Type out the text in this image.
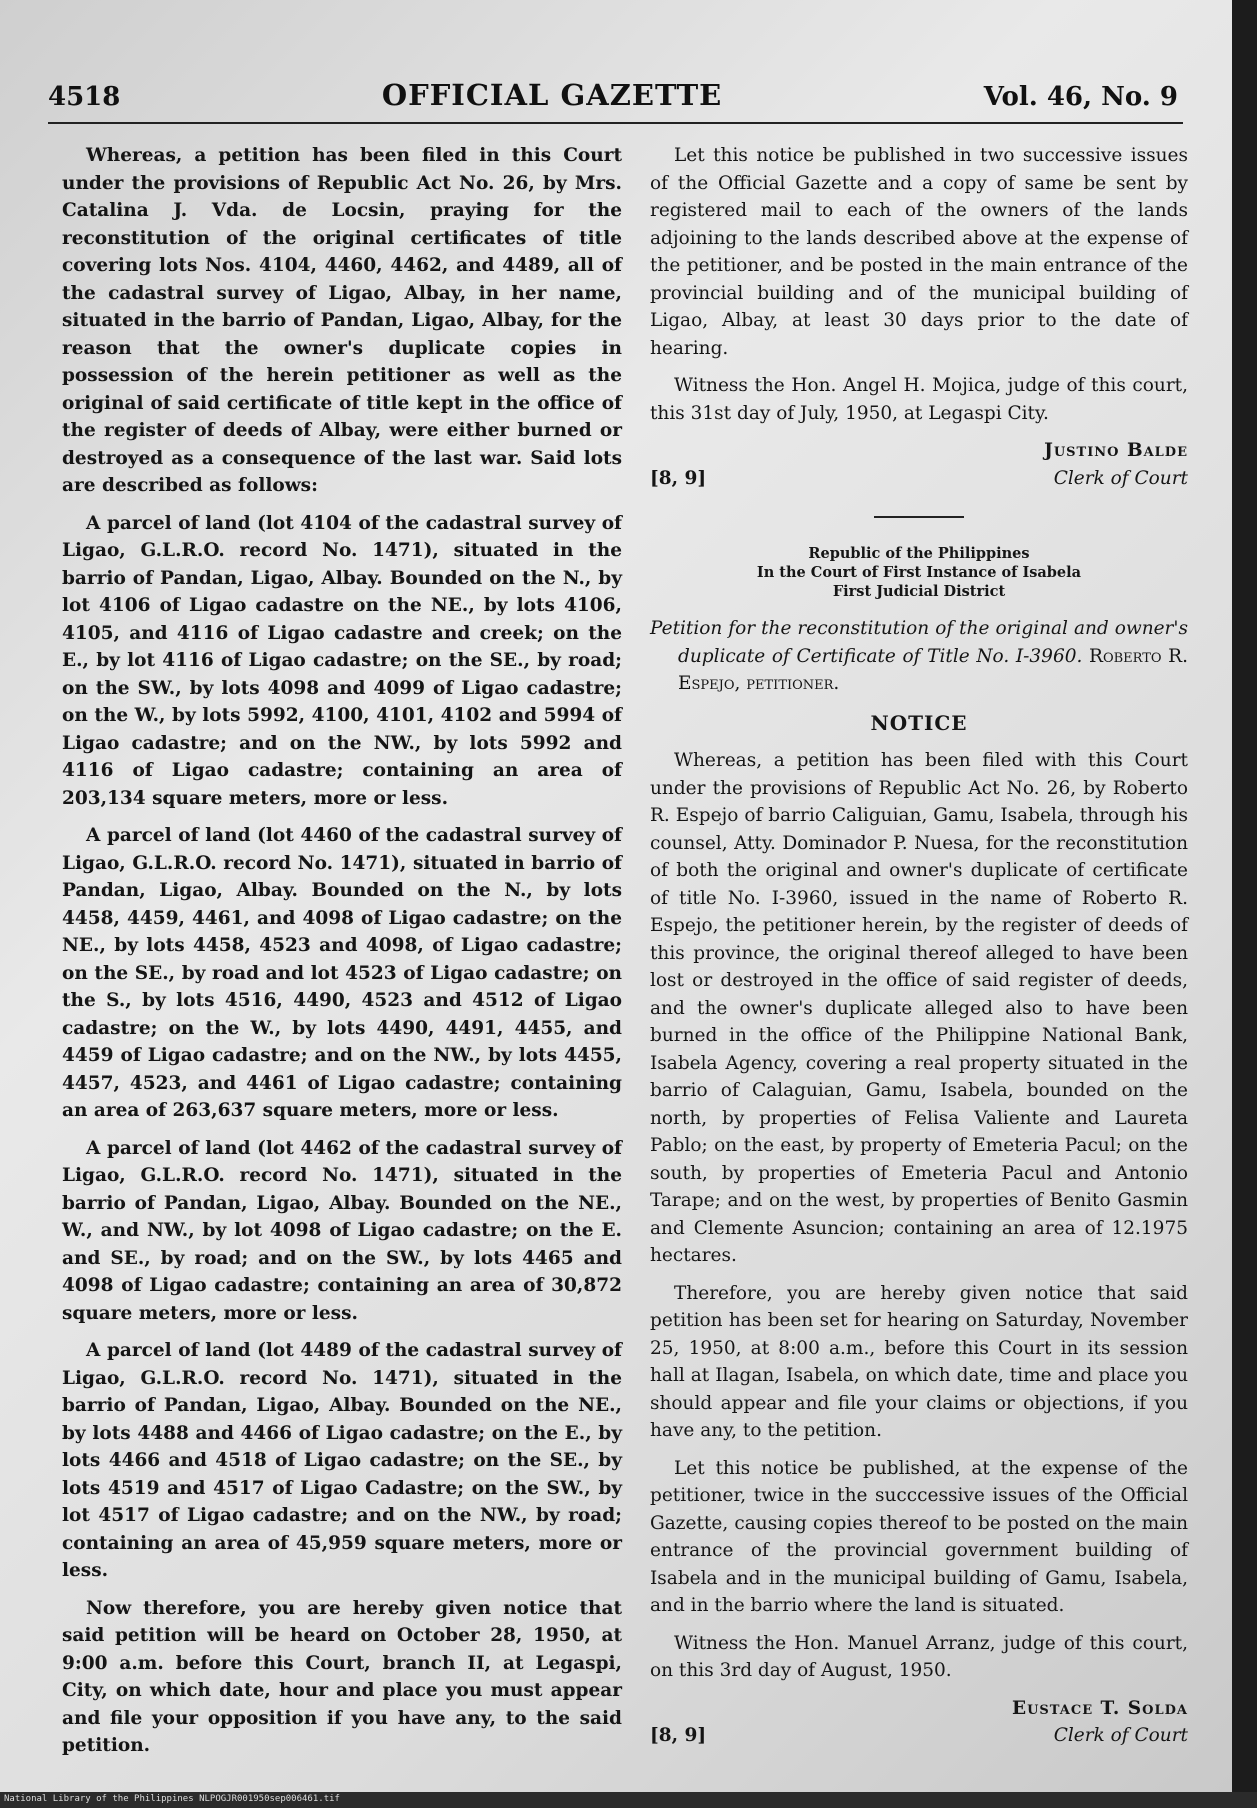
4518	OFFICIAL GAZETTE	Vol. 46, No. 9

Whereas, a petition has been filed in this Court under the provisions of Republic Act No. 26, by Mrs. Catalina J. Vda. de Locsin, praying for the reconstitution of the original certificates of title covering lots Nos. 4104, 4460, 4462, and 4489, all of the cadastral survey of Ligao, Albay, in her name, situated in the barrio of Pandan, Ligao, Albay, for the reason that the owner's duplicate copies in possession of the herein petitioner as well as the original of said certificate of title kept in the office of the register of deeds of Albay, were either burned or destroyed as a consequence of the last war. Said lots are described as follows:

A parcel of land (lot 4104 of the cadastral survey of Ligao, G.L.R.O. record No. 1471), situated in the barrio of Pandan, Ligao, Albay. Bounded on the N., by lot 4106 of Ligao cadastre on the NE., by lots 4106, 4105, and 4116 of Ligao cadastre and creek; on the E., by lot 4116 of Ligao cadastre; on the SE., by road; on the SW., by lots 4098 and 4099 of Ligao cadastre; on the W., by lots 5992, 4100, 4101, 4102 and 5994 of Ligao cadastre; and on the NW., by lots 5992 and 4116 of Ligao cadastre; containing an area of 203,134 square meters, more or less.

A parcel of land (lot 4460 of the cadastral survey of Ligao, G.L.R.O. record No. 1471), situated in barrio of Pandan, Ligao, Albay. Bounded on the N., by lots 4458, 4459, 4461, and 4098 of Ligao cadastre; on the NE., by lots 4458, 4523 and 4098, of Ligao cadastre; on the SE., by road and lot 4523 of Ligao cadastre; on the S., by lots 4516, 4490, 4523 and 4512 of Ligao cadastre; on the W., by lots 4490, 4491, 4455, and 4459 of Ligao cadastre; and on the NW., by lots 4455, 4457, 4523, and 4461 of Ligao cadastre; containing an area of 263,637 square meters, more or less.

A parcel of land (lot 4462 of the cadastral survey of Ligao, G.L.R.O. record No. 1471), situated in the barrio of Pandan, Ligao, Albay. Bounded on the NE., W., and NW., by lot 4098 of Ligao cadastre; on the E. and SE., by road; and on the SW., by lots 4465 and 4098 of Ligao cadastre; containing an area of 30,872 square meters, more or less.

A parcel of land (lot 4489 of the cadastral survey of Ligao, G.L.R.O. record No. 1471), situated in the barrio of Pandan, Ligao, Albay. Bounded on the NE., by lots 4488 and 4466 of Ligao cadastre; on the E., by lots 4466 and 4518 of Ligao cadastre; on the SE., by lots 4519 and 4517 of Ligao Cadastre; on the SW., by lot 4517 of Ligao cadastre; and on the NW., by road; containing an area of 45,959 square meters, more or less.

Now therefore, you are hereby given notice that said petition will be heard on October 28, 1950, at 9:00 a.m. before this Court, branch II, at Legaspi, City, on which date, hour and place you must appear and file your opposition if you have any, to the said petition.

Let this notice be published in two successive issues of the Official Gazette and a copy of same be sent by registered mail to each of the owners of the lands adjoining to the lands described above at the expense of the petitioner, and be posted in the main entrance of the provincial building and of the municipal building of Ligao, Albay, at least 30 days prior to the date of hearing.

Witness the Hon. Angel H. Mojica, judge of this court, this 31st day of July, 1950, at Legaspi City.

[8, 9]
Justino Balde
Clerk of Court
Republic of the Philippines
In the Court of First Instance of Isabela
First Judicial District
Petition for the reconstitution of the original and owner's duplicate of Certificate of Title No. I-3960. Roberto R. Espejo, petitioner.
NOTICE

Whereas, a petition has been filed with this Court under the provisions of Republic Act No. 26, by Roberto R. Espejo of barrio Caliguian, Gamu, Isabela, through his counsel, Atty. Dominador P. Nuesa, for the reconstitution of both the original and owner's duplicate of certificate of title No. I-3960, issued in the name of Roberto R. Espejo, the petitioner herein, by the register of deeds of this province, the original thereof alleged to have been lost or destroyed in the office of said register of deeds, and the owner's duplicate alleged also to have been burned in the office of the Philippine National Bank, Isabela Agency, covering a real property situated in the barrio of Calaguian, Gamu, Isabela, bounded on the north, by properties of Felisa Valiente and Laureta Pablo; on the east, by property of Emeteria Pacul; on the south, by properties of Emeteria Pacul and Antonio Tarape; and on the west, by properties of Benito Gasmin and Clemente Asuncion; containing an area of 12.1975 hectares.

Therefore, you are hereby given notice that said petition has been set for hearing on Saturday, November 25, 1950, at 8:00 a.m., before this Court in its session hall at Ilagan, Isabela, on which date, time and place you should appear and file your claims or objections, if you have any, to the petition.

Let this notice be published, at the expense of the petitioner, twice in the succcessive issues of the Official Gazette, causing copies thereof to be posted on the main entrance of the provincial government building of Isabela and in the municipal building of Gamu, Isabela, and in the barrio where the land is situated.

Witness the Hon. Manuel Arranz, judge of this court, on this 3rd day of August, 1950.

[8, 9]
Eustace T. Solda
Clerk of Court
National Library of the Philippines NLPOGJR001950sep006461.tif
